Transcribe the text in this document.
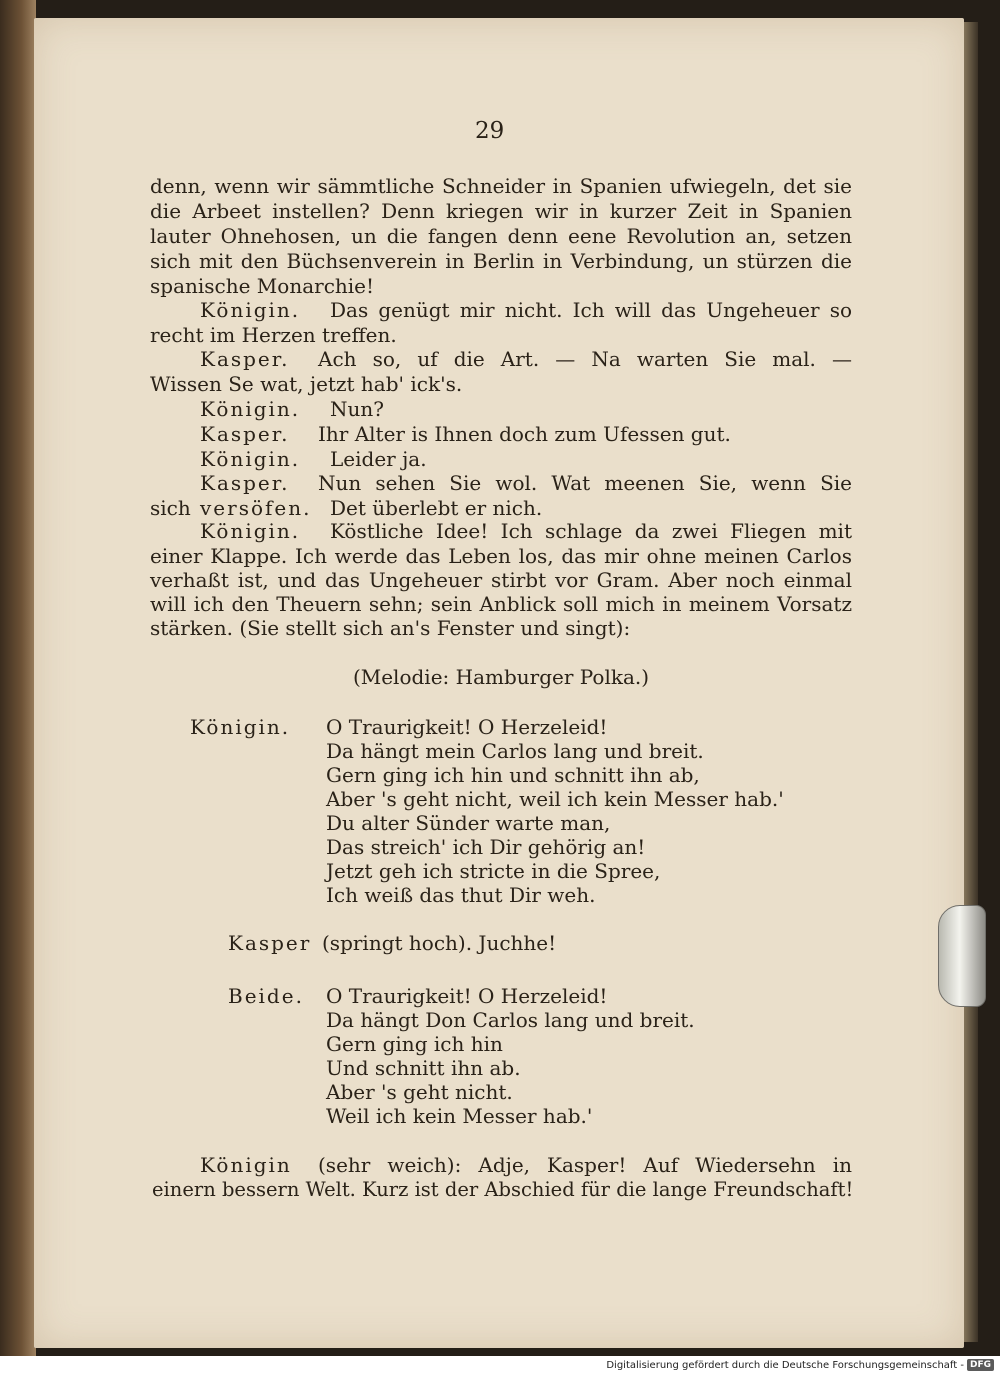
29
denn, wenn wir sämmtliche Schneider in Spanien ufwiegeln, det sie
die Arbeet instellen? Denn kriegen wir in kurzer Zeit in Spanien
lauter Ohnehosen, un die fangen denn eene Revolution an, setzen
sich mit den Büchsenverein in Berlin in Verbindung, un stürzen die
spanische Monarchie!
Königin. Das genügt mir nicht. Ich will das Ungeheuer so
recht im Herzen treffen.
Kasper. Ach so, uf die Art. — Na warten Sie mal. —
Wissen Se wat, jetzt hab' ick's.
Königin. Nun?
Kasper. Ihr Alter is Ihnen doch zum Ufessen gut.
Königin. Leider ja.
Kasper. Nun sehen Sie wol. Wat meenen Sie, wenn Sie
sich versöfen. Det überlebt er nich.
Königin. Köstliche Idee! Ich schlage da zwei Fliegen mit
einer Klappe. Ich werde das Leben los, das mir ohne meinen Carlos
verhaßt ist, und das Ungeheuer stirbt vor Gram. Aber noch einmal
will ich den Theuern sehn; sein Anblick soll mich in meinem Vorsatz
stärken. (Sie stellt sich an's Fenster und singt):
(Melodie: Hamburger Polka.)
Königin. O Traurigkeit! O Herzeleid!
Da hängt mein Carlos lang und breit.
Gern ging ich hin und schnitt ihn ab,
Aber 's geht nicht, weil ich kein Messer hab.'
Du alter Sünder warte man,
Das streich' ich Dir gehörig an!
Jetzt geh ich stricte in die Spree,
Ich weiß das thut Dir weh.
Kasper (springt hoch). Juchhe!
Beide. O Traurigkeit! O Herzeleid!
Da hängt Don Carlos lang und breit.
Gern ging ich hin
Und schnitt ihn ab.
Aber 's geht nicht.
Weil ich kein Messer hab.'
Königin (sehr weich): Adje, Kasper! Auf Wiedersehn in
einern bessern Welt. Kurz ist der Abschied für die lange Freundschaft!
Digitalisierung gefördert durch die Deutsche Forschungsgemeinschaft - DFG
